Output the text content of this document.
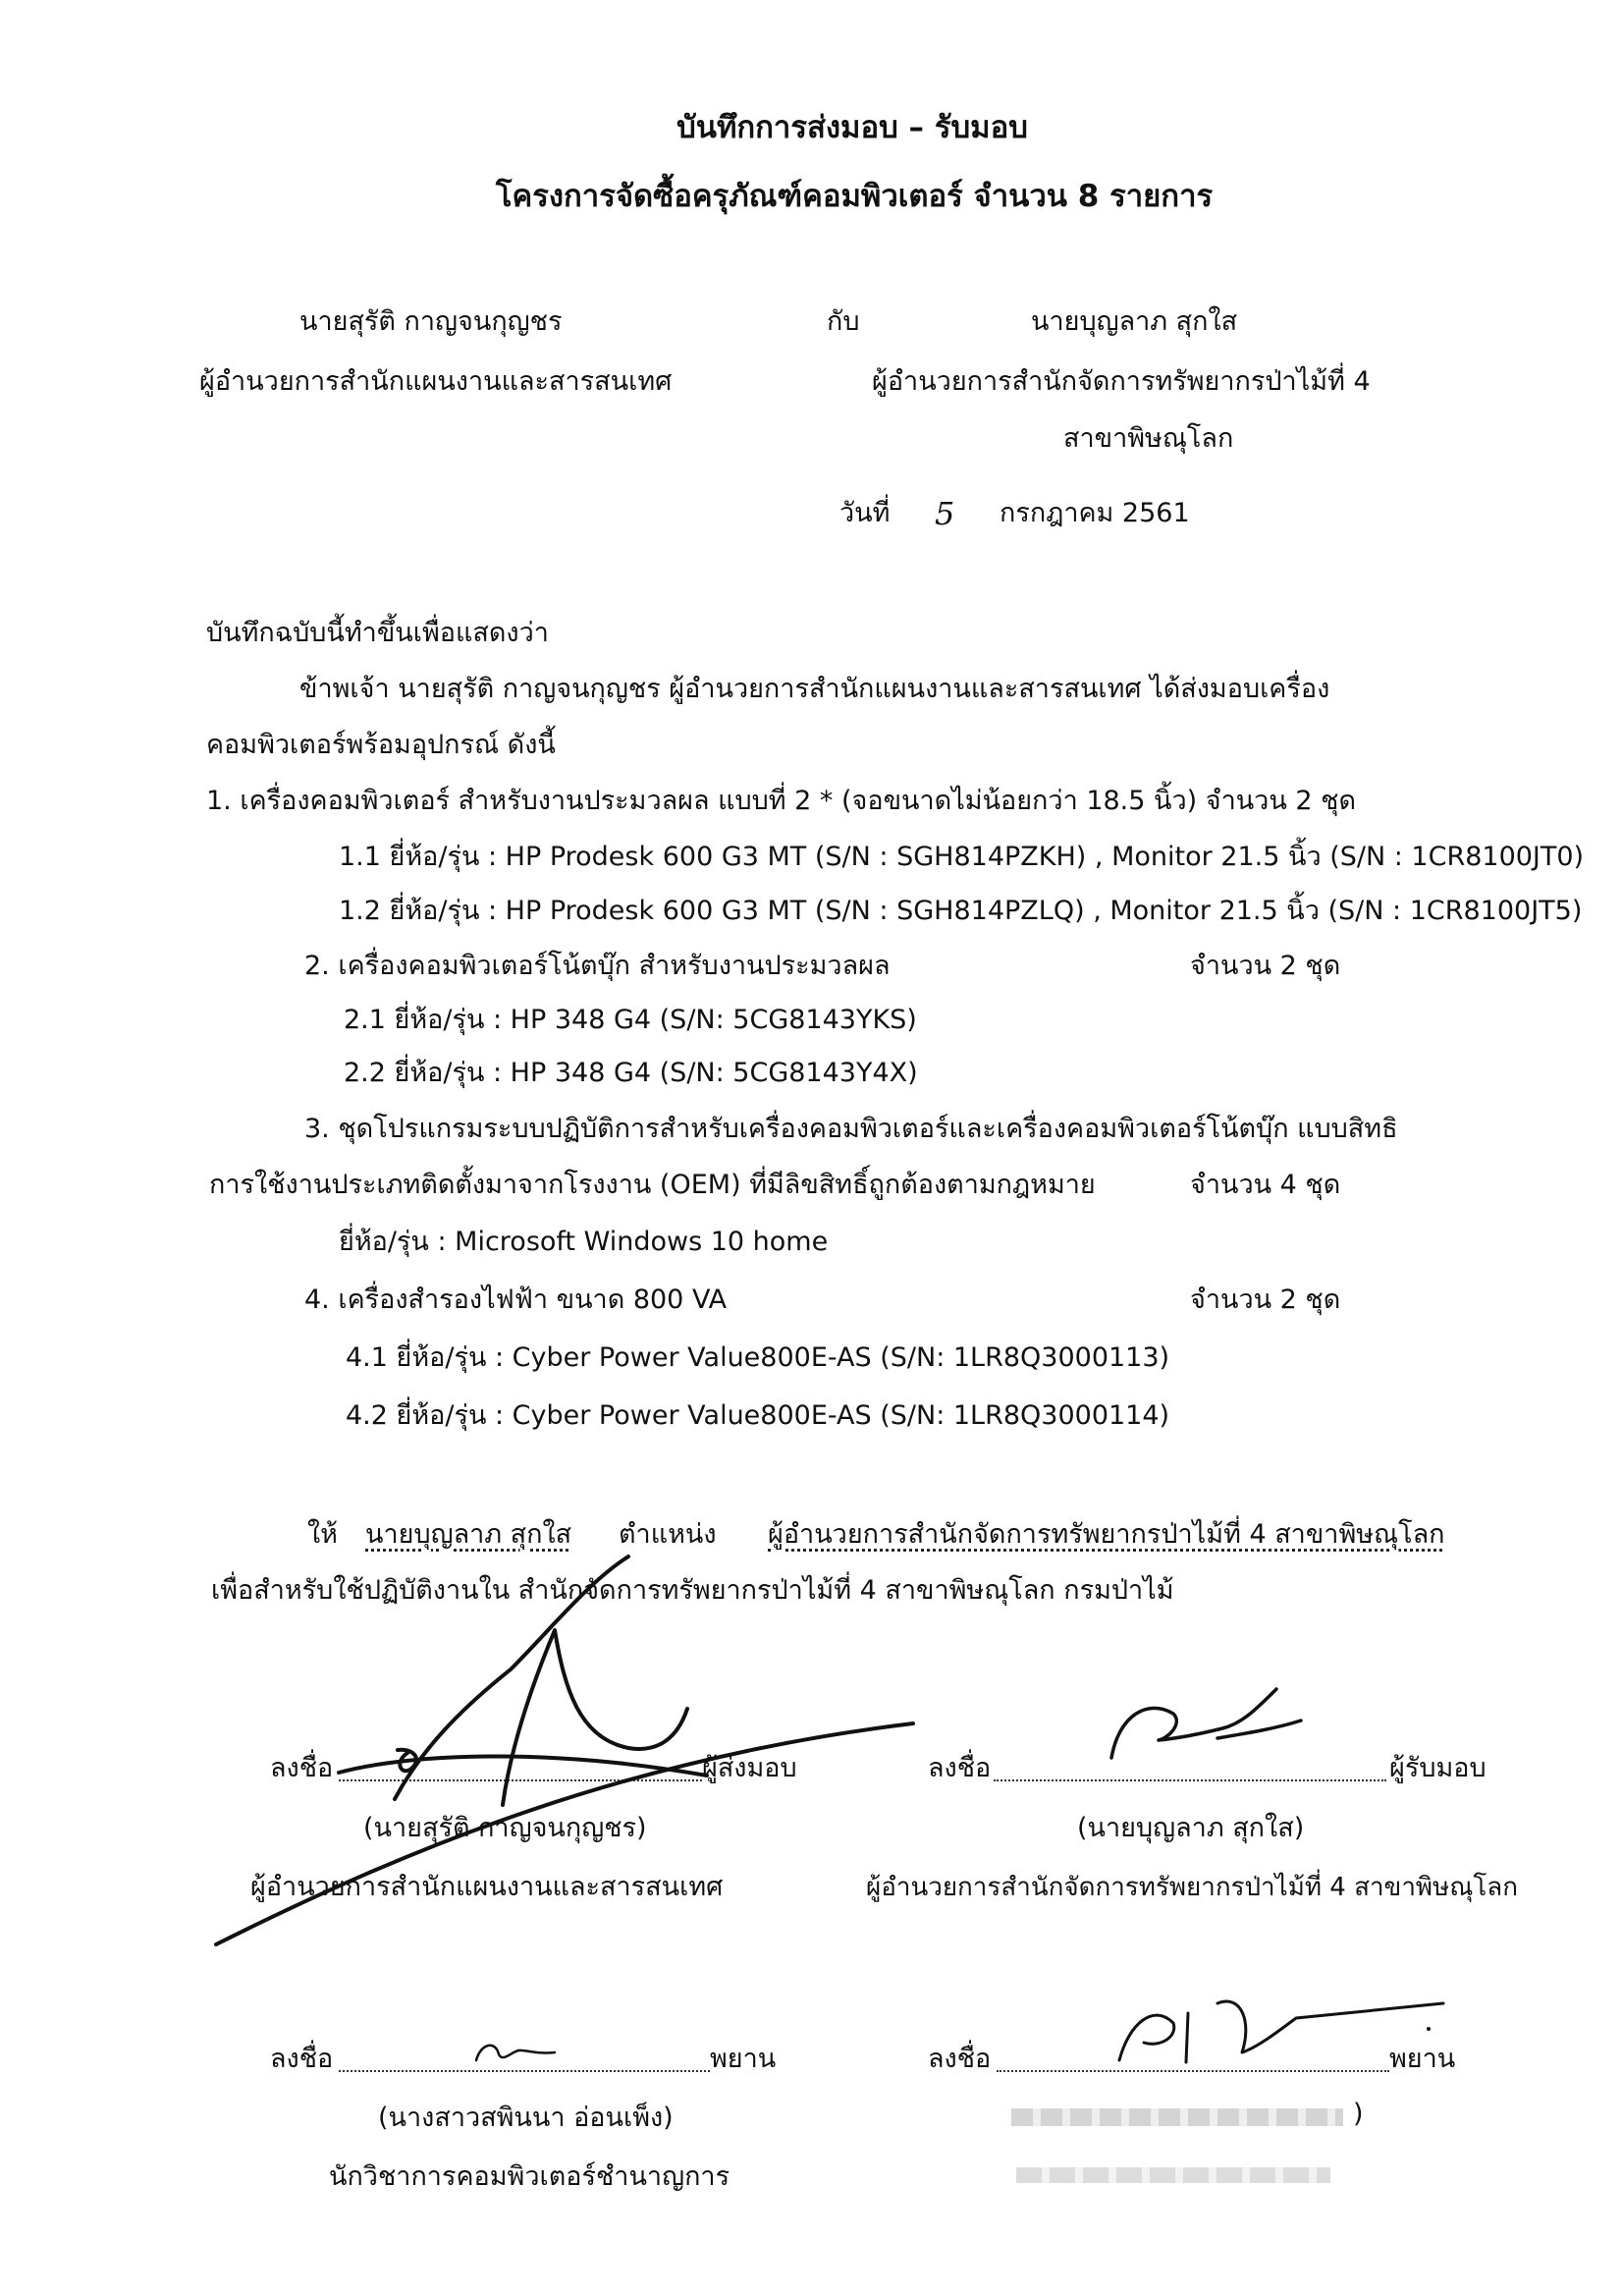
บันทึกการส่งมอบ – รับมอบ
โครงการจัดซื้อครุภัณฑ์คอมพิวเตอร์ จำนวน 8 รายการ
นายสุรัติ กาญจนกุญชร	กับ	นายบุญลาภ สุกใส
ผู้อำนวยการสำนักแผนงานและสารสนเทศ	ผู้อำนวยการสำนักจัดการทรัพยากรป่าไม้ที่ 4
สาขาพิษณุโลก
วันที่ 5 กรกฎาคม 2561
บันทึกฉบับนี้ทำขึ้นเพื่อแสดงว่า
ข้าพเจ้า นายสุรัติ กาญจนกุญชร ผู้อำนวยการสำนักแผนงานและสารสนเทศ ได้ส่งมอบเครื่อง
คอมพิวเตอร์พร้อมอุปกรณ์ ดังนี้
1. เครื่องคอมพิวเตอร์ สำหรับงานประมวลผล แบบที่ 2 * (จอขนาดไม่น้อยกว่า 18.5 นิ้ว) จำนวน 2 ชุด
1.1 ยี่ห้อ/รุ่น : HP Prodesk 600 G3 MT (S/N : SGH814PZKH) , Monitor 21.5 นิ้ว (S/N : 1CR8100JT0)
1.2 ยี่ห้อ/รุ่น : HP Prodesk 600 G3 MT (S/N : SGH814PZLQ) , Monitor 21.5 นิ้ว (S/N : 1CR8100JT5)
2. เครื่องคอมพิวเตอร์โน้ตบุ๊ก สำหรับงานประมวลผล	จำนวน 2 ชุด
2.1 ยี่ห้อ/รุ่น : HP 348 G4 (S/N: 5CG8143YKS)
2.2 ยี่ห้อ/รุ่น : HP 348 G4 (S/N: 5CG8143Y4X)
3. ชุดโปรแกรมระบบปฏิบัติการสำหรับเครื่องคอมพิวเตอร์และเครื่องคอมพิวเตอร์โน้ตบุ๊ก แบบสิทธิ
การใช้งานประเภทติดตั้งมาจากโรงงาน (OEM) ที่มีลิขสิทธิ์ถูกต้องตามกฎหมาย	จำนวน 4 ชุด
ยี่ห้อ/รุ่น : Microsoft Windows 10 home
4. เครื่องสำรองไฟฟ้า ขนาด 800 VA	จำนวน 2 ชุด
4.1 ยี่ห้อ/รุ่น : Cyber Power Value800E-AS (S/N: 1LR8Q3000113)
4.2 ยี่ห้อ/รุ่น : Cyber Power Value800E-AS (S/N: 1LR8Q3000114)
ให้ นายบุญลาภ สุกใส ตำแหน่ง ผู้อำนวยการสำนักจัดการทรัพยากรป่าไม้ที่ 4 สาขาพิษณุโลก
เพื่อสำหรับใช้ปฏิบัติงานใน สำนักจัดการทรัพยากรป่าไม้ที่ 4 สาขาพิษณุโลก กรมป่าไม้
ลงชื่อ	ผู้ส่งมอบ
(นายสุรัติ กาญจนกุญชร)
ผู้อำนวยการสำนักแผนงานและสารสนเทศ
ลงชื่อ	ผู้รับมอบ
(นายบุญลาภ สุกใส)
ผู้อำนวยการสำนักจัดการทรัพยากรป่าไม้ที่ 4 สาขาพิษณุโลก
ลงชื่อ	พยาน
(นางสาวสพินนา อ่อนเพ็ง)
นักวิชาการคอมพิวเตอร์ชำนาญการ
ลงชื่อ	พยาน
)
